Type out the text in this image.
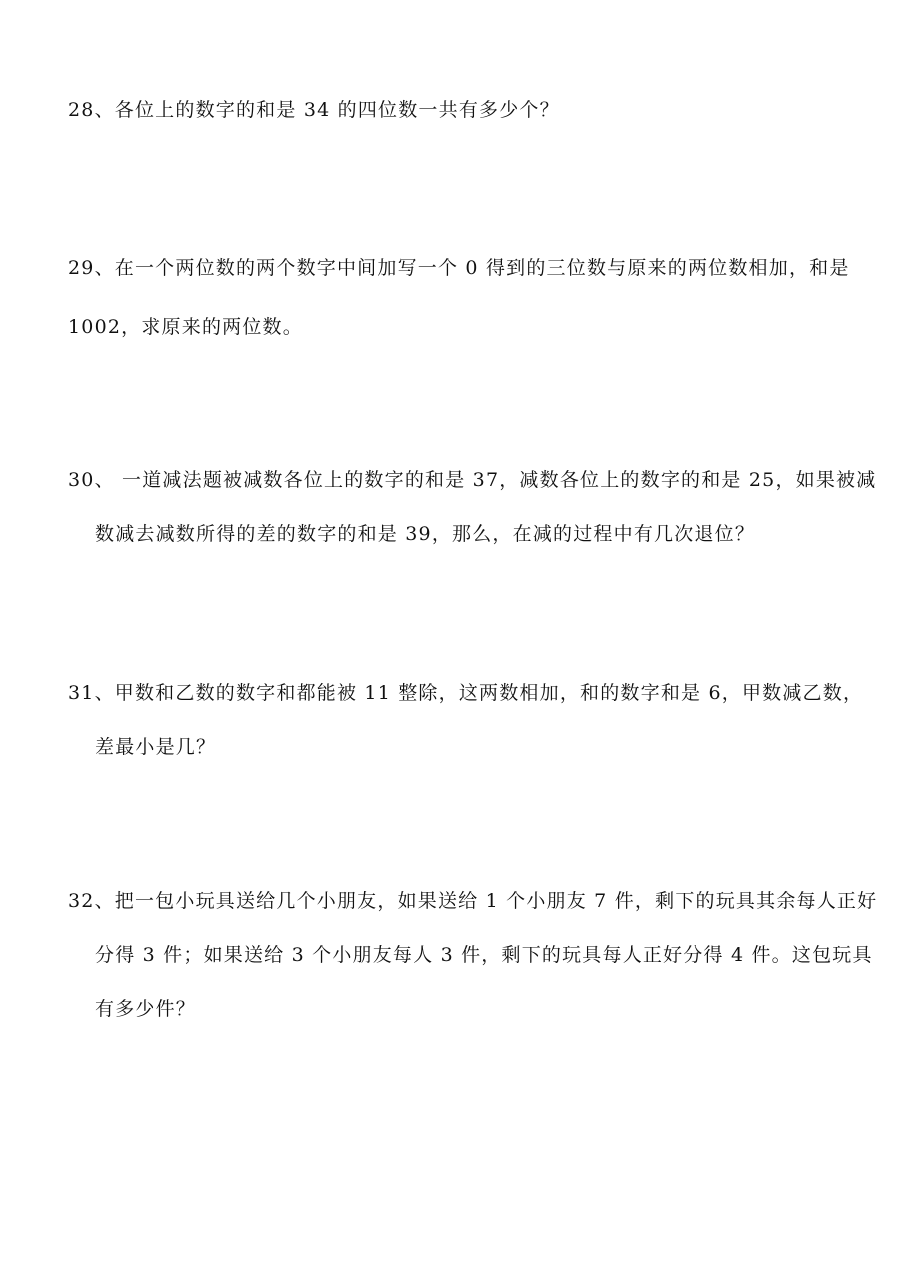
28、各位上的数字的和是 34 的四位数一共有多少个？
29、在一个两位数的两个数字中间加写一个 0 得到的三位数与原来的两位数相加，和是
1002，求原来的两位数。
30、 一道减法题被减数各位上的数字的和是 37，减数各位上的数字的和是 25，如果被减
数减去减数所得的差的数字的和是 39，那么，在减的过程中有几次退位？
31、甲数和乙数的数字和都能被 11 整除，这两数相加，和的数字和是 6，甲数减乙数，
差最小是几？
32、把一包小玩具送给几个小朋友，如果送给 1 个小朋友 7 件，剩下的玩具其余每人正好
分得 3 件；如果送给 3 个小朋友每人 3 件，剩下的玩具每人正好分得 4 件。这包玩具
有多少件？
